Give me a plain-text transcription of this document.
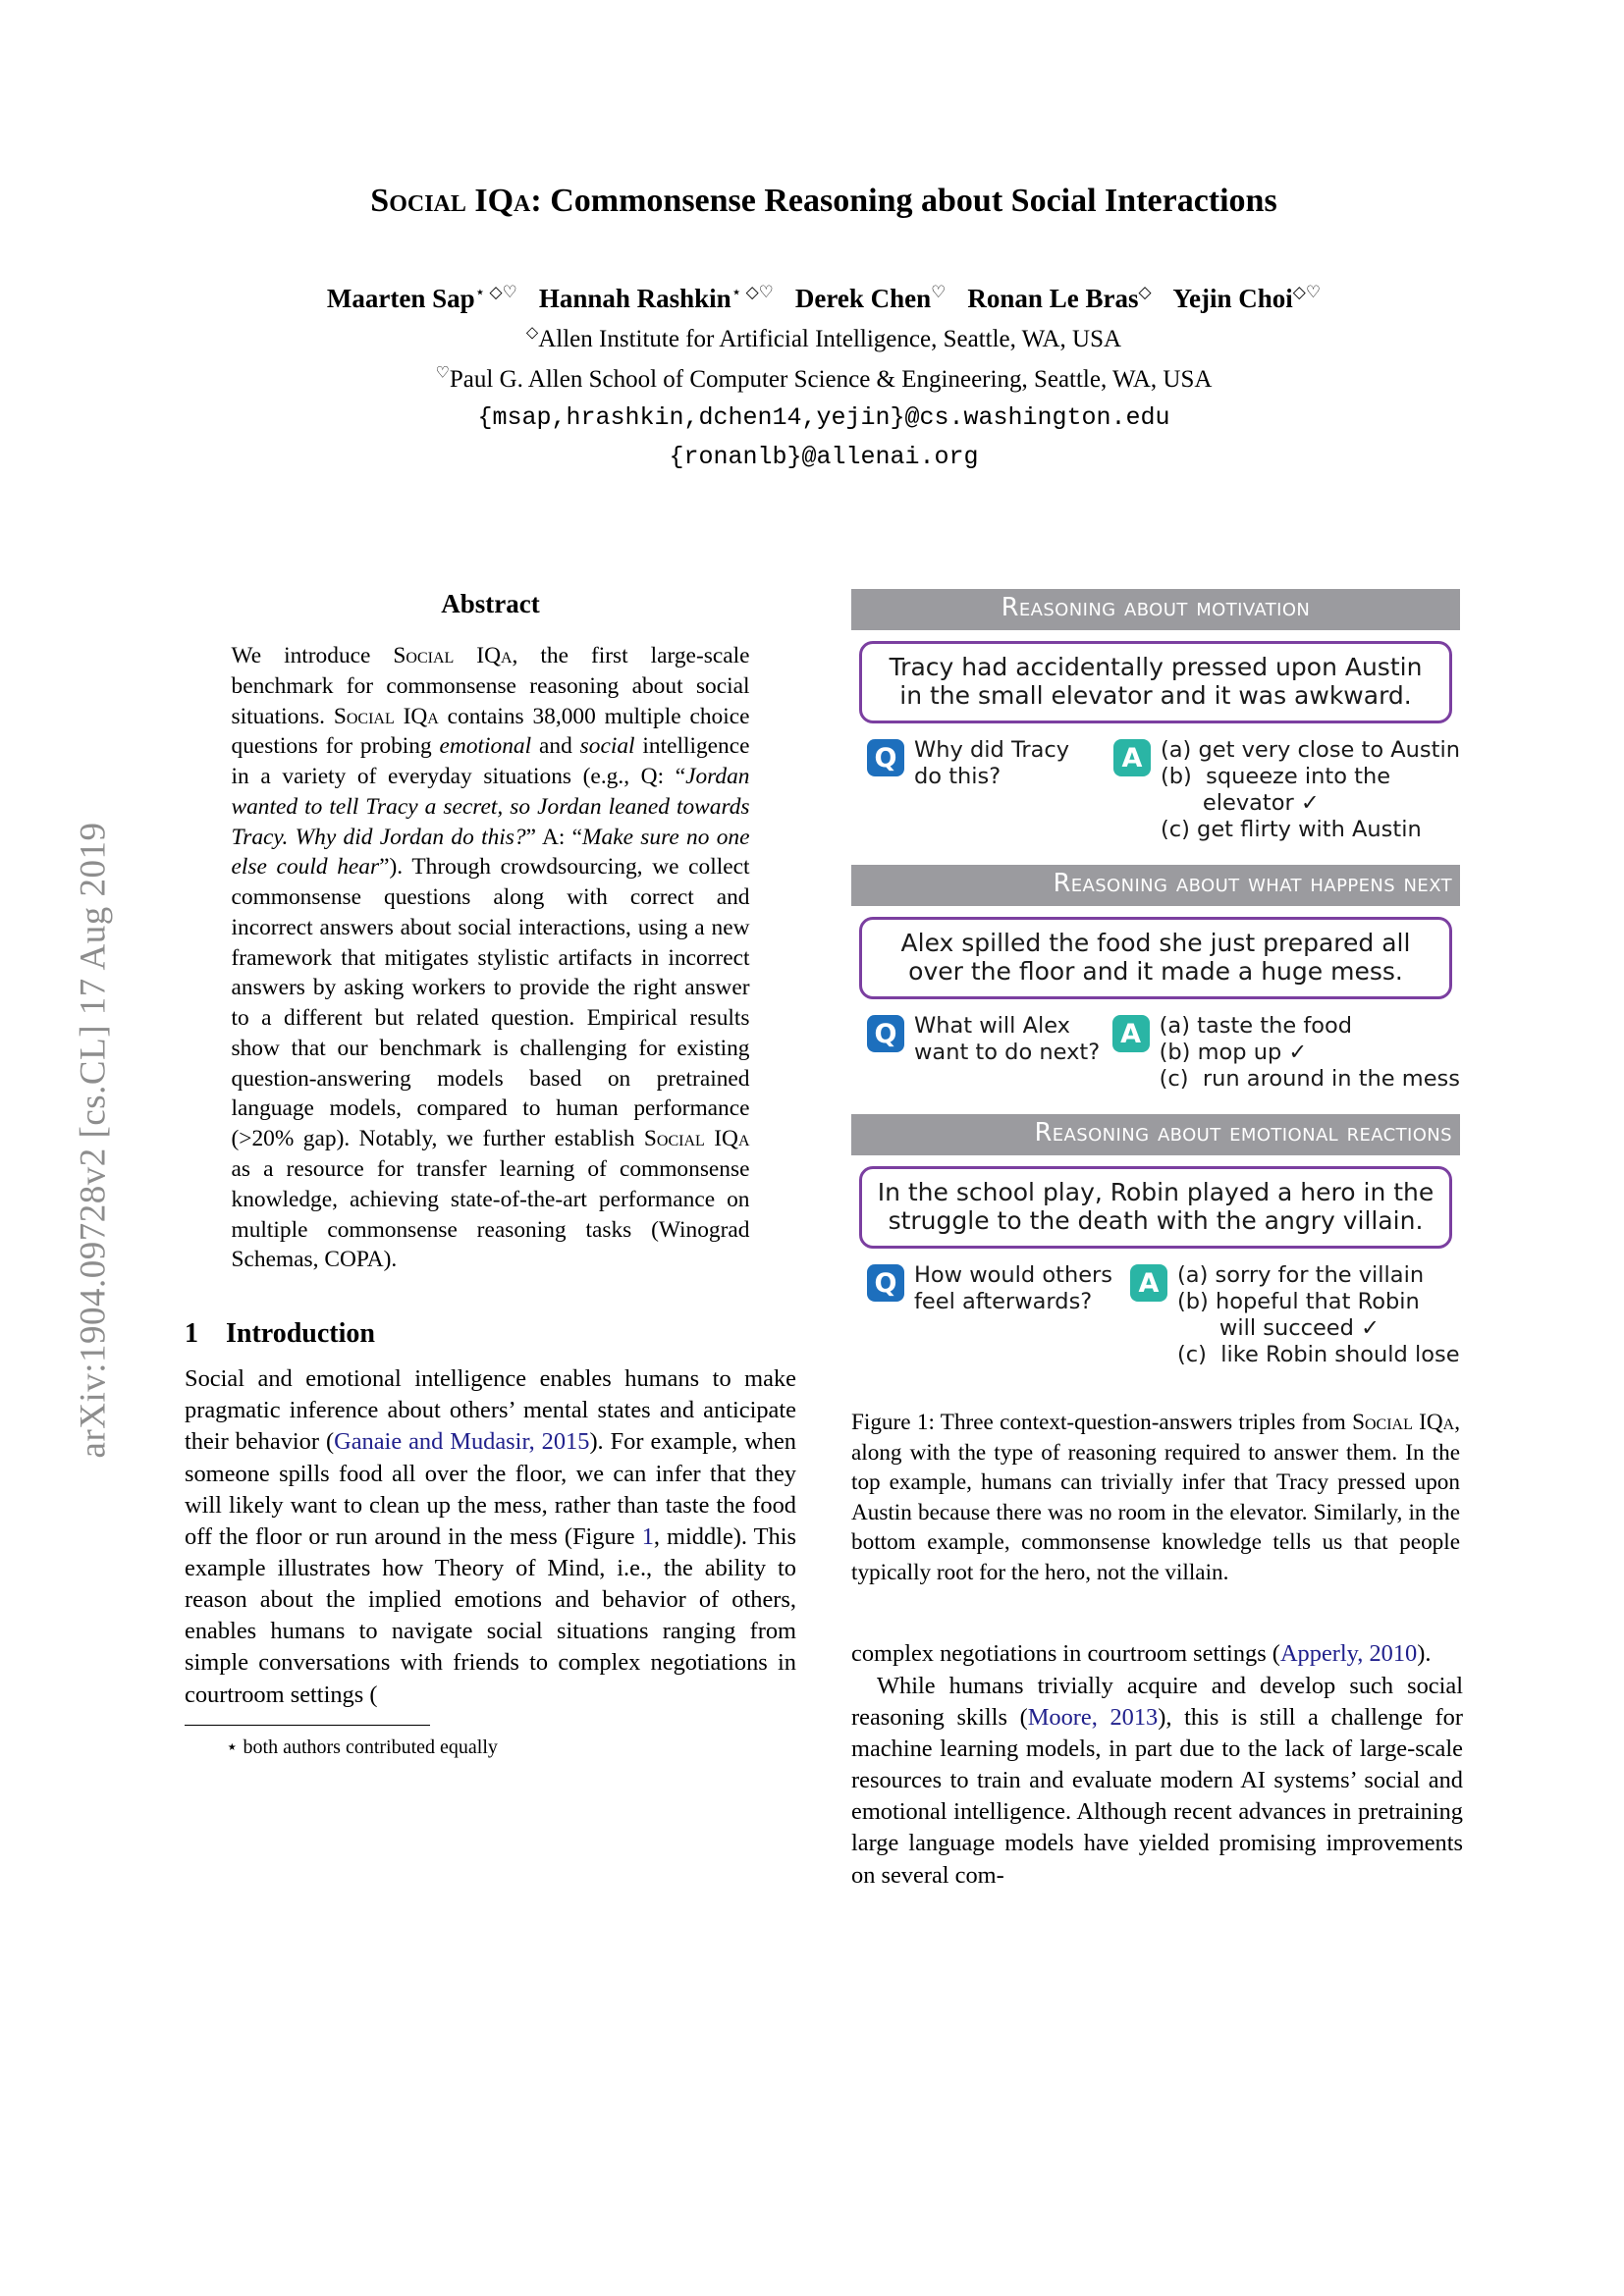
arXiv:1904.09728v2 [cs.CL] 17 Aug 2019
Social IQa: Commonsense Reasoning about Social Interactions
Maarten Sap⋆ ◇♡ Hannah Rashkin⋆ ◇♡ Derek Chen♡ Ronan Le Bras◇ Yejin Choi◇♡
◇Allen Institute for Artificial Intelligence, Seattle, WA, USA
♡Paul G. Allen School of Computer Science & Engineering, Seattle, WA, USA
{msap,hrashkin,dchen14,yejin}@cs.washington.edu
{ronanlb}@allenai.org
Abstract
We introduce Social IQa, the first large-scale benchmark for commonsense reasoning about social situations. Social IQa contains 38,000 multiple choice questions for probing emotional and social intelligence in a variety of everyday situations (e.g., Q: “Jordan wanted to tell Tracy a secret, so Jordan leaned towards Tracy. Why did Jordan do this?” A: “Make sure no one else could hear”). Through crowdsourcing, we collect commonsense questions along with correct and incorrect answers about social interactions, using a new framework that mitigates stylistic artifacts in incorrect answers by asking workers to provide the right answer to a different but related question. Empirical results show that our benchmark is challenging for existing question-answering models based on pretrained language models, compared to human performance (>20% gap). Notably, we further establish Social IQa as a resource for transfer learning of commonsense knowledge, achieving state-of-the-art performance on multiple commonsense reasoning tasks (Winograd Schemas, COPA).
1 Introduction

Social and emotional intelligence enables humans to make pragmatic inference about others’ mental states and anticipate their behavior (Ganaie and Mudasir, 2015). For example, when someone spills food all over the floor, we can infer that they will likely want to clean up the mess, rather than taste the food off the floor or run around in the mess (Figure 1, middle). This example illustrates how Theory of Mind, i.e., the ability to reason about the implied emotions and behavior of others, enables humans to navigate social situations ranging from simple conversations with friends to complex negotiations in courtroom settings (

⋆ both authors contributed equally
Reasoning about motivation
Tracy had accidentally pressed upon Austin in the small elevator and it was awkward.
Q Why did Tracy
do this?
A (a) get very close to Austin
(b)  squeeze into the
elevator ✓
(c) get flirty with Austin
Reasoning about what happens next
Alex spilled the food she just prepared all over the floor and it made a huge mess.
Q What will Alex
want to do next?
A (a) taste the food
(b) mop up ✓
(c)  run around in the mess
Reasoning about emotional reactions
In the school play, Robin played a hero in the struggle to the death with the angry villain.
Q How would others
feel afterwards?
A (a) sorry for the villain
(b) hopeful that Robin
will succeed ✓
(c)  like Robin should lose
Figure 1: Three context-question-answers triples from Social IQa, along with the type of reasoning required to answer them. In the top example, humans can trivially infer that Tracy pressed upon Austin because there was no room in the elevator. Similarly, in the bottom example, commonsense knowledge tells us that people typically root for the hero, not the villain.

complex negotiations in courtroom settings (Apperly, 2010).

While humans trivially acquire and develop such social reasoning skills (Moore, 2013), this is still a challenge for machine learning models, in part due to the lack of large-scale resources to train and evaluate modern AI systems’ social and emotional intelligence. Although recent advances in pretraining large language models have yielded promising improvements on several com-
